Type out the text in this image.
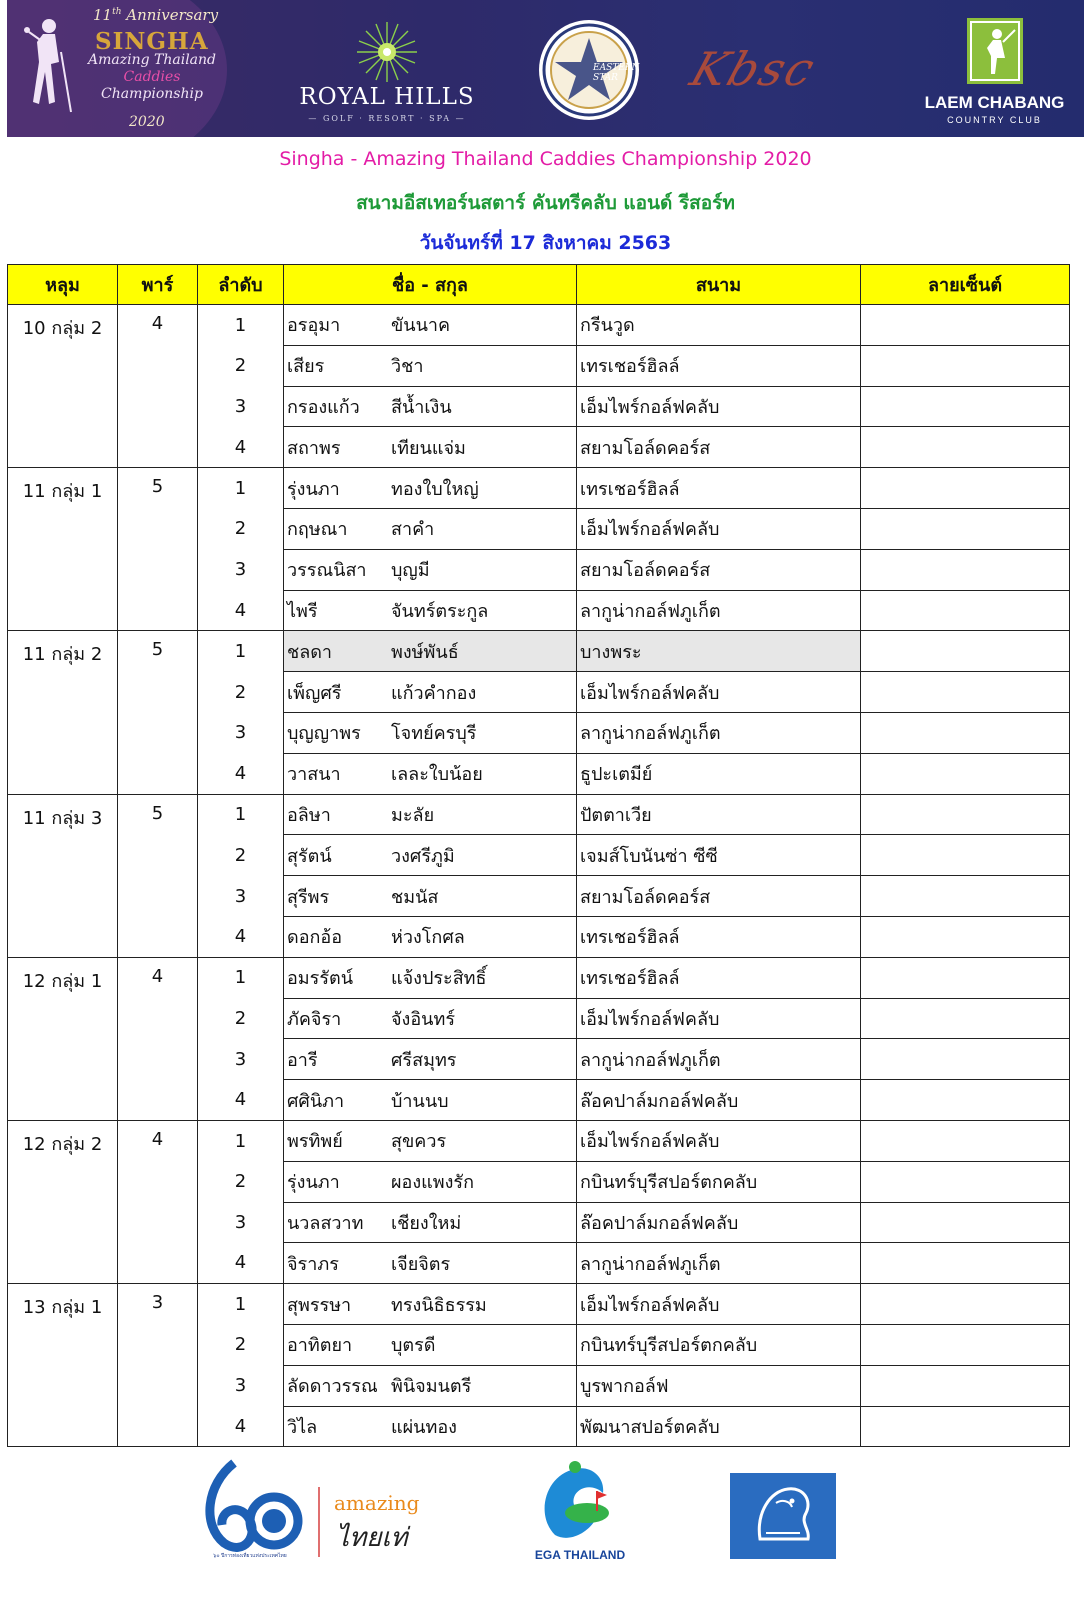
11th Anniversary
SINGHA
Amazing Thailand
Caddies
Championship
2020
ROYAL HILLS
— GOLF · RESORT · SPA —
EASTERN
STAR Kbsc
LAEM CHABANG
COUNTRY CLUB
Singha - Amazing Thailand Caddies Championship 2020
สนามอีสเทอร์นสตาร์ คันทรีคลับ แอนด์ รีสอร์ท
วันจันทร์ที่ 17 สิงหาคม 2563
หลุม	พาร์	ลำดับ	ชื่อ - สกุล	สนาม	ลายเซ็นต์
10 กลุ่ม 2	4	1	อรอุมา ขันนาค	กรีนวูด	
		2	เสียร วิชา	เทรเชอร์ฮิลล์	
		3	กรองแก้ว สีน้ำเงิน	เอ็มไพร์กอล์ฟคลับ	
		4	สถาพร เทียนแจ่ม	สยามโอล์ดคอร์ส	
11 กลุ่ม 1	5	1	รุ่งนภา ทองใบใหญ่	เทรเชอร์ฮิลล์	
		2	กฤษณา สาคำ	เอ็มไพร์กอล์ฟคลับ	
		3	วรรณนิสา บุญมี	สยามโอล์ดคอร์ส	
		4	ไพรี จันทร์ตระกูล	ลากูน่ากอล์ฟภูเก็ต	
11 กลุ่ม 2	5	1	ชลดา พงษ์พันธ์	บางพระ	
		2	เพ็ญศรี แก้วคำกอง	เอ็มไพร์กอล์ฟคลับ	
		3	บุญญาพร โจทย์ครบุรี	ลากูน่ากอล์ฟภูเก็ต	
		4	วาสนา เลละใบน้อย	ธูปะเตมีย์	
11 กลุ่ม 3	5	1	อลิษา มะลัย	ปัตตาเวีย	
		2	สุรัตน์ วงศรีภูมิ	เจมส์โบนันซ่า ซีซี	
		3	สุรีพร ชมนัส	สยามโอล์ดคอร์ส	
		4	ดอกอ้อ ห่วงโกศล	เทรเชอร์ฮิลล์	
12 กลุ่ม 1	4	1	อมรรัตน์ แจ้งประสิทธิ์	เทรเชอร์ฮิลล์	
		2	ภัคจิรา จังอินทร์	เอ็มไพร์กอล์ฟคลับ	
		3	อารี ศรีสมุทร	ลากูน่ากอล์ฟภูเก็ต	
		4	ศศินิภา บ้านนบ	ล๊อคปาล์มกอล์ฟคลับ	
12 กลุ่ม 2	4	1	พรทิพย์ สุขควร	เอ็มไพร์กอล์ฟคลับ	
		2	รุ่งนภา ผองแพงรัก	กบินทร์บุรีสปอร์ตกคลับ	
		3	นวลสวาท เชียงใหม่	ล๊อคปาล์มกอล์ฟคลับ	
		4	จิราภร เจียจิตร	ลากูน่ากอล์ฟภูเก็ต	
13 กลุ่ม 1	3	1	สุพรรษา ทรงนิธิธรรม	เอ็มไพร์กอล์ฟคลับ	
		2	อาทิตยา บุตรดี	กบินทร์บุรีสปอร์ตกคลับ	
		3	ลัดดาวรรณ พินิจมนตรี	บูรพากอล์ฟ	
		4	วิไล แผ่นทอง	พัฒนาสปอร์ตคลับ	
๖๐ ปีการท่องเที่ยวแห่งประเทศไทย
amazing
ไทยเท่
EGA THAILAND
SINGHA CORPORATION
